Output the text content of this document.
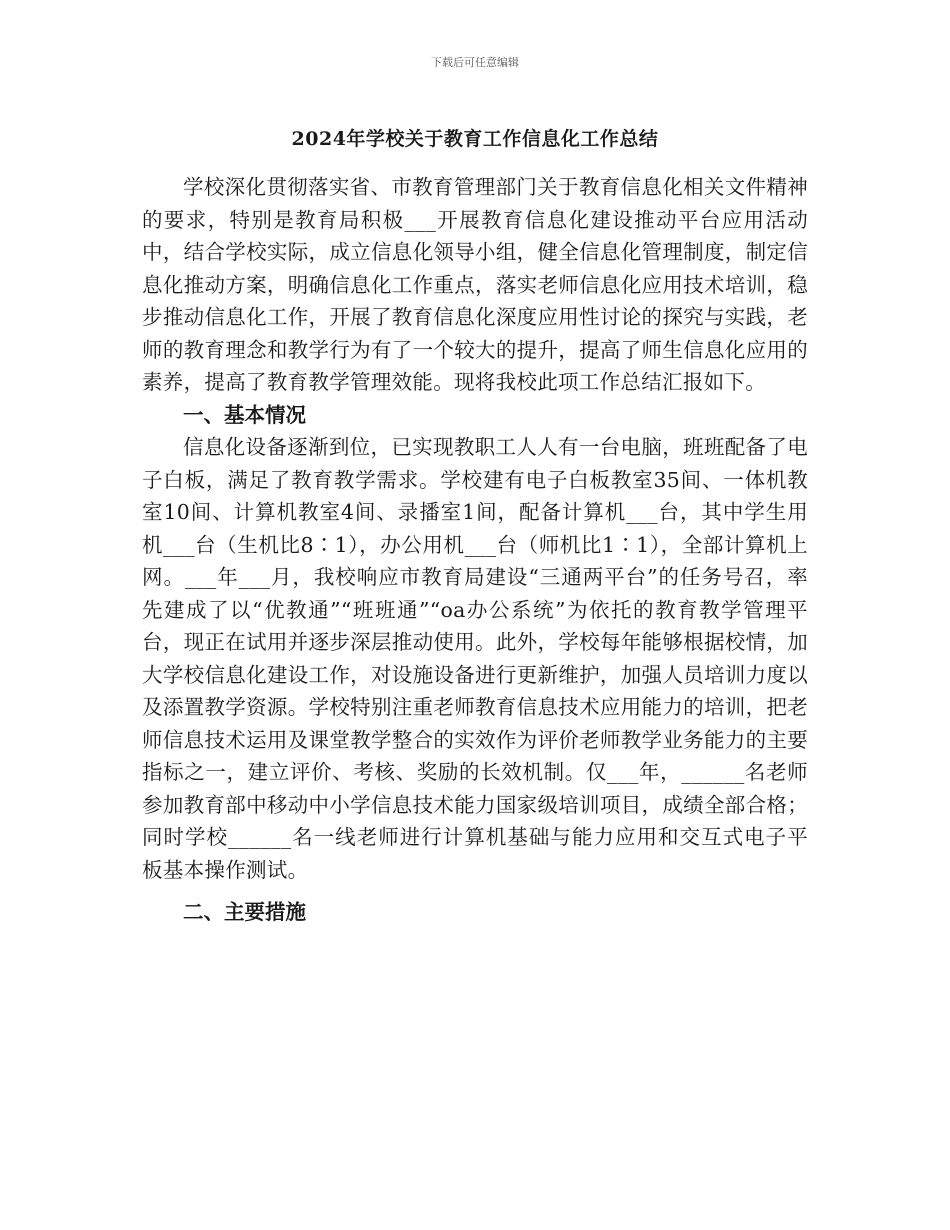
下载后可任意编辑
2024年学校关于教育工作信息化工作总结

学校深化贯彻落实省、市教育管理部门关于教育信息化相关文件精神的要求，特别是教育局积极___开展教育信息化建设推动平台应用活动中，结合学校实际，成立信息化领导小组，健全信息化管理制度，制定信息化推动方案，明确信息化工作重点，落实老师信息化应用技术培训，稳步推动信息化工作，开展了教育信息化深度应用性讨论的探究与实践，老师的教育理念和教学行为有了一个较大的提升，提高了师生信息化应用的素养，提高了教育教学管理效能。现将我校此项工作总结汇报如下。

一、基本情况

信息化设备逐渐到位，已实现教职工人人有一台电脑，班班配备了电子白板，满足了教育教学需求。学校建有电子白板教室35间、一体机教室10间、计算机教室4间、录播室1间，配备计算机___台，其中学生用机___台（生机比8∶1），办公用机___台（师机比1∶1），全部计算机上网。___年___月，我校响应市教育局建设“三通两平台”的任务号召，率先建成了以“优教通”“班班通”“oa办公系统”为依托的教育教学管理平台，现正在试用并逐步深层推动使用。此外，学校每年能够根据校情，加大学校信息化建设工作，对设施设备进行更新维护，加强人员培训力度以及添置教学资源。学校特别注重老师教育信息技术应用能力的培训，把老师信息技术运用及课堂教学整合的实效作为评价老师教学业务能力的主要指标之一，建立评价、考核、奖励的长效机制。仅___年，______名老师参加教育部中移动中小学信息技术能力国家级培训项目，成绩全部合格；同时学校______名一线老师进行计算机基础与能力应用和交互式电子平板基本操作测试。

二、主要措施
